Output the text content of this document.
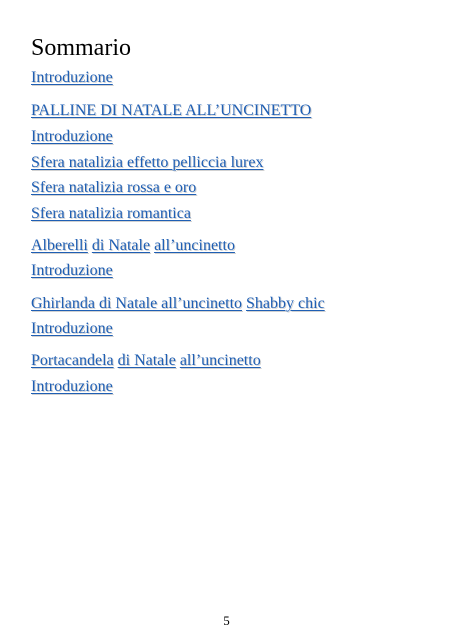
Sommario
Introduzione
PALLINE DI NATALE ALL’UNCINETTO
Introduzione
Sfera natalizia effetto pelliccia lurex
Sfera natalizia rossa e oro
Sfera natalizia romantica
Alberelli di Natale all’uncinetto
Introduzione
Ghirlanda di Natale all’uncinetto Shabby chic
Introduzione
Portacandela di Natale all’uncinetto
Introduzione
5
